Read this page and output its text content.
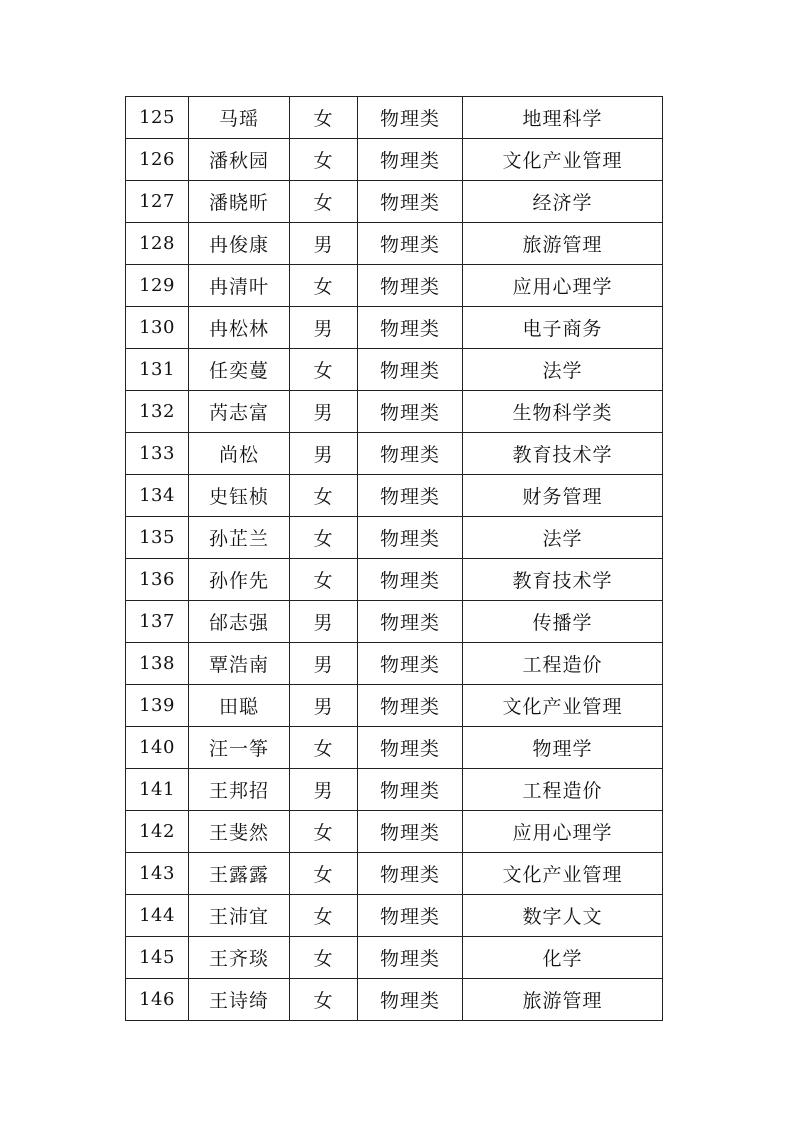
125	马瑶	女	物理类	地理科学
126	潘秋园	女	物理类	文化产业管理
127	潘晓昕	女	物理类	经济学
128	冉俊康	男	物理类	旅游管理
129	冉清叶	女	物理类	应用心理学
130	冉松林	男	物理类	电子商务
131	任奕蔓	女	物理类	法学
132	芮志富	男	物理类	生物科学类
133	尚松	男	物理类	教育技术学
134	史钰桢	女	物理类	财务管理
135	孙芷兰	女	物理类	法学
136	孙作先	女	物理类	教育技术学
137	邰志强	男	物理类	传播学
138	覃浩南	男	物理类	工程造价
139	田聪	男	物理类	文化产业管理
140	汪一筝	女	物理类	物理学
141	王邦招	男	物理类	工程造价
142	王斐然	女	物理类	应用心理学
143	王露露	女	物理类	文化产业管理
144	王沛宜	女	物理类	数字人文
145	王齐琰	女	物理类	化学
146	王诗绮	女	物理类	旅游管理
